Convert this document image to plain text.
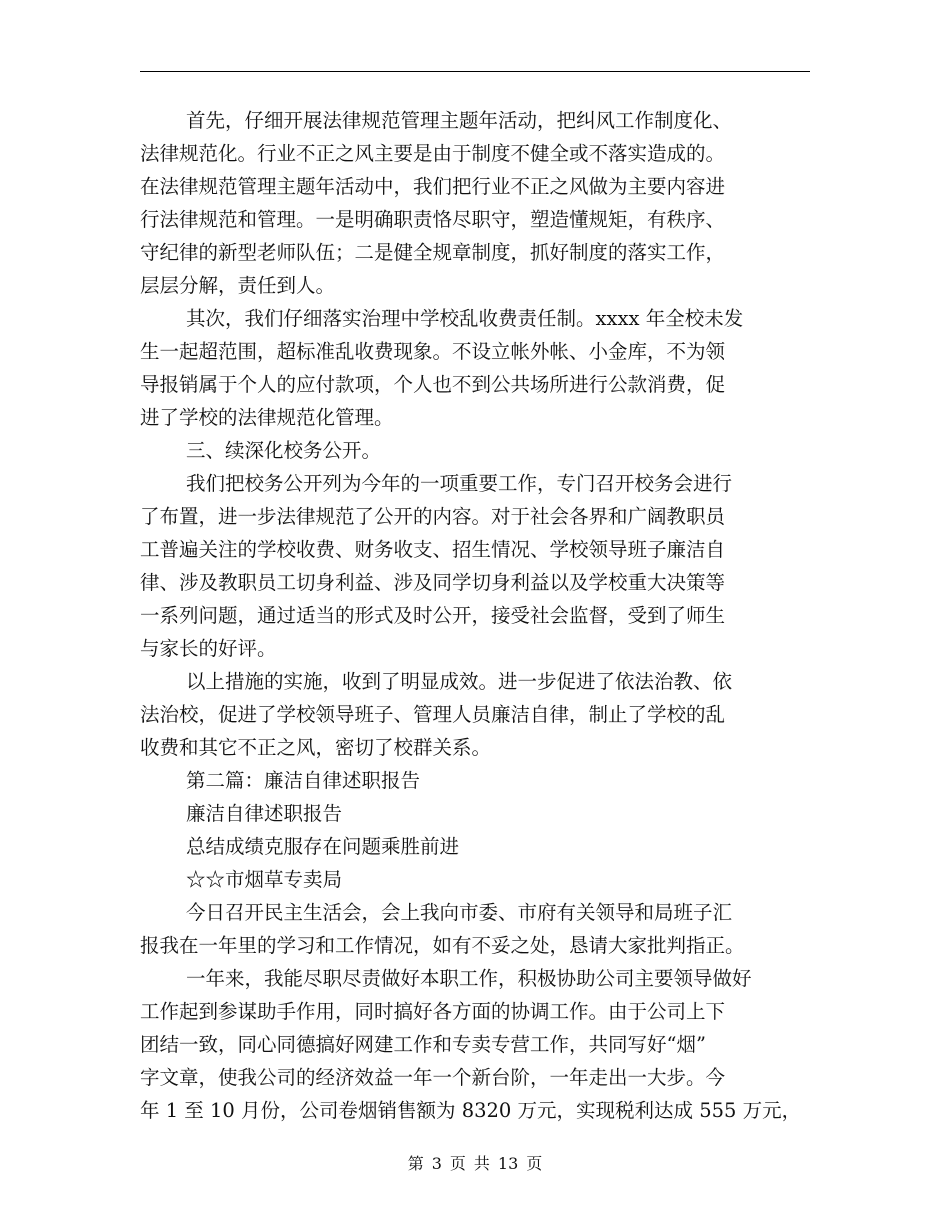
首先，仔细开展法律规范管理主题年活动，把纠风工作制度化、
法律规范化。行业不正之风主要是由于制度不健全或不落实造成的。
在法律规范管理主题年活动中，我们把行业不正之风做为主要内容进
行法律规范和管理。一是明确职责恪尽职守，塑造懂规矩，有秩序、
守纪律的新型老师队伍；二是健全规章制度，抓好制度的落实工作，
层层分解，责任到人。
其次，我们仔细落实治理中学校乱收费责任制。xxxx 年全校未发
生一起超范围，超标准乱收费现象。不设立帐外帐、小金库，不为领
导报销属于个人的应付款项，个人也不到公共场所进行公款消费，促
进了学校的法律规范化管理。
三、续深化校务公开。
我们把校务公开列为今年的一项重要工作，专门召开校务会进行
了布置，进一步法律规范了公开的内容。对于社会各界和广阔教职员
工普遍关注的学校收费、财务收支、招生情况、学校领导班子廉洁自
律、涉及教职员工切身利益、涉及同学切身利益以及学校重大决策等
一系列问题，通过适当的形式及时公开，接受社会监督，受到了师生
与家长的好评。
以上措施的实施，收到了明显成效。进一步促进了依法治教、依
法治校，促进了学校领导班子、管理人员廉洁自律，制止了学校的乱
收费和其它不正之风，密切了校群关系。
第二篇：廉洁自律述职报告
廉洁自律述职报告
总结成绩克服存在问题乘胜前进
☆☆市烟草专卖局
今日召开民主生活会，会上我向市委、市府有关领导和局班子汇
报我在一年里的学习和工作情况，如有不妥之处，恳请大家批判指正。
一年来，我能尽职尽责做好本职工作，积极协助公司主要领导做好
工作起到参谋助手作用，同时搞好各方面的协调工作。由于公司上下
团结一致，同心同德搞好网建工作和专卖专营工作，共同写好“烟”
字文章，使我公司的经济效益一年一个新台阶，一年走出一大步。今
年 1 至 10 月份，公司卷烟销售额为 8320 万元，实现税利达成 555 万元，
第 3 页 共 13 页
